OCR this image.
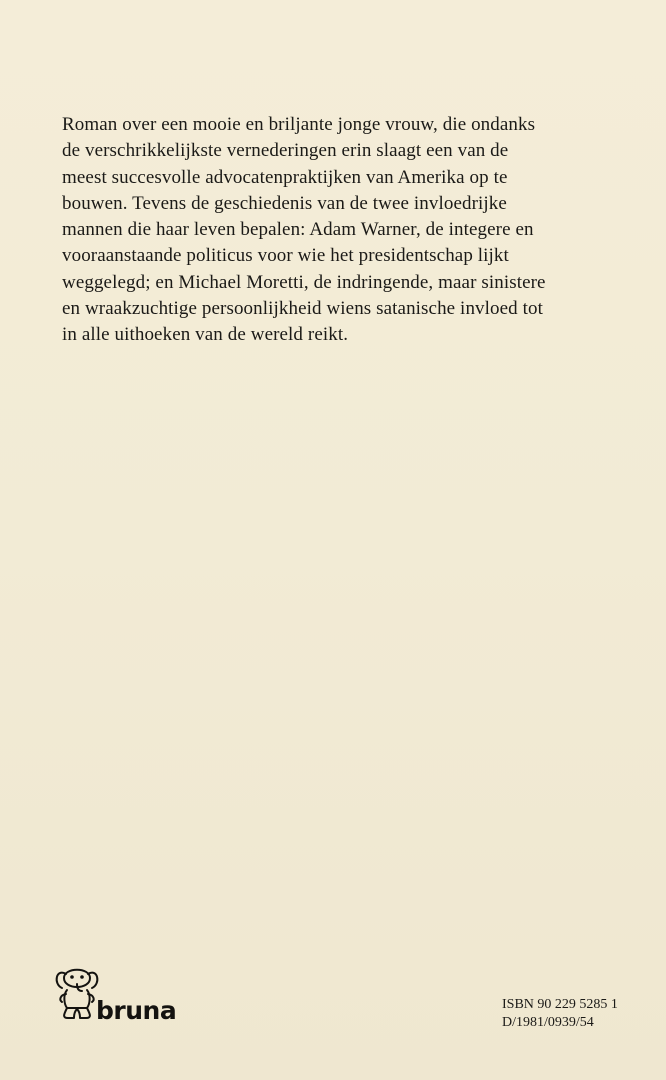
Roman over een mooie en briljante jonge vrouw, die ondanks
de verschrikkelijkste vernederingen erin slaagt een van de
meest succesvolle advocatenpraktijken van Amerika op te
bouwen. Tevens de geschiedenis van de twee invloedrijke
mannen die haar leven bepalen: Adam Warner, de integere en
vooraanstaande politicus voor wie het presidentschap lijkt
weggelegd; en Michael Moretti, de indringende, maar sinistere
en wraakzuchtige persoonlijkheid wiens satanische invloed tot
in alle uithoeken van de wereld reikt.
bruna	ISBN 90 229 5285 1
D/1981/0939/54
